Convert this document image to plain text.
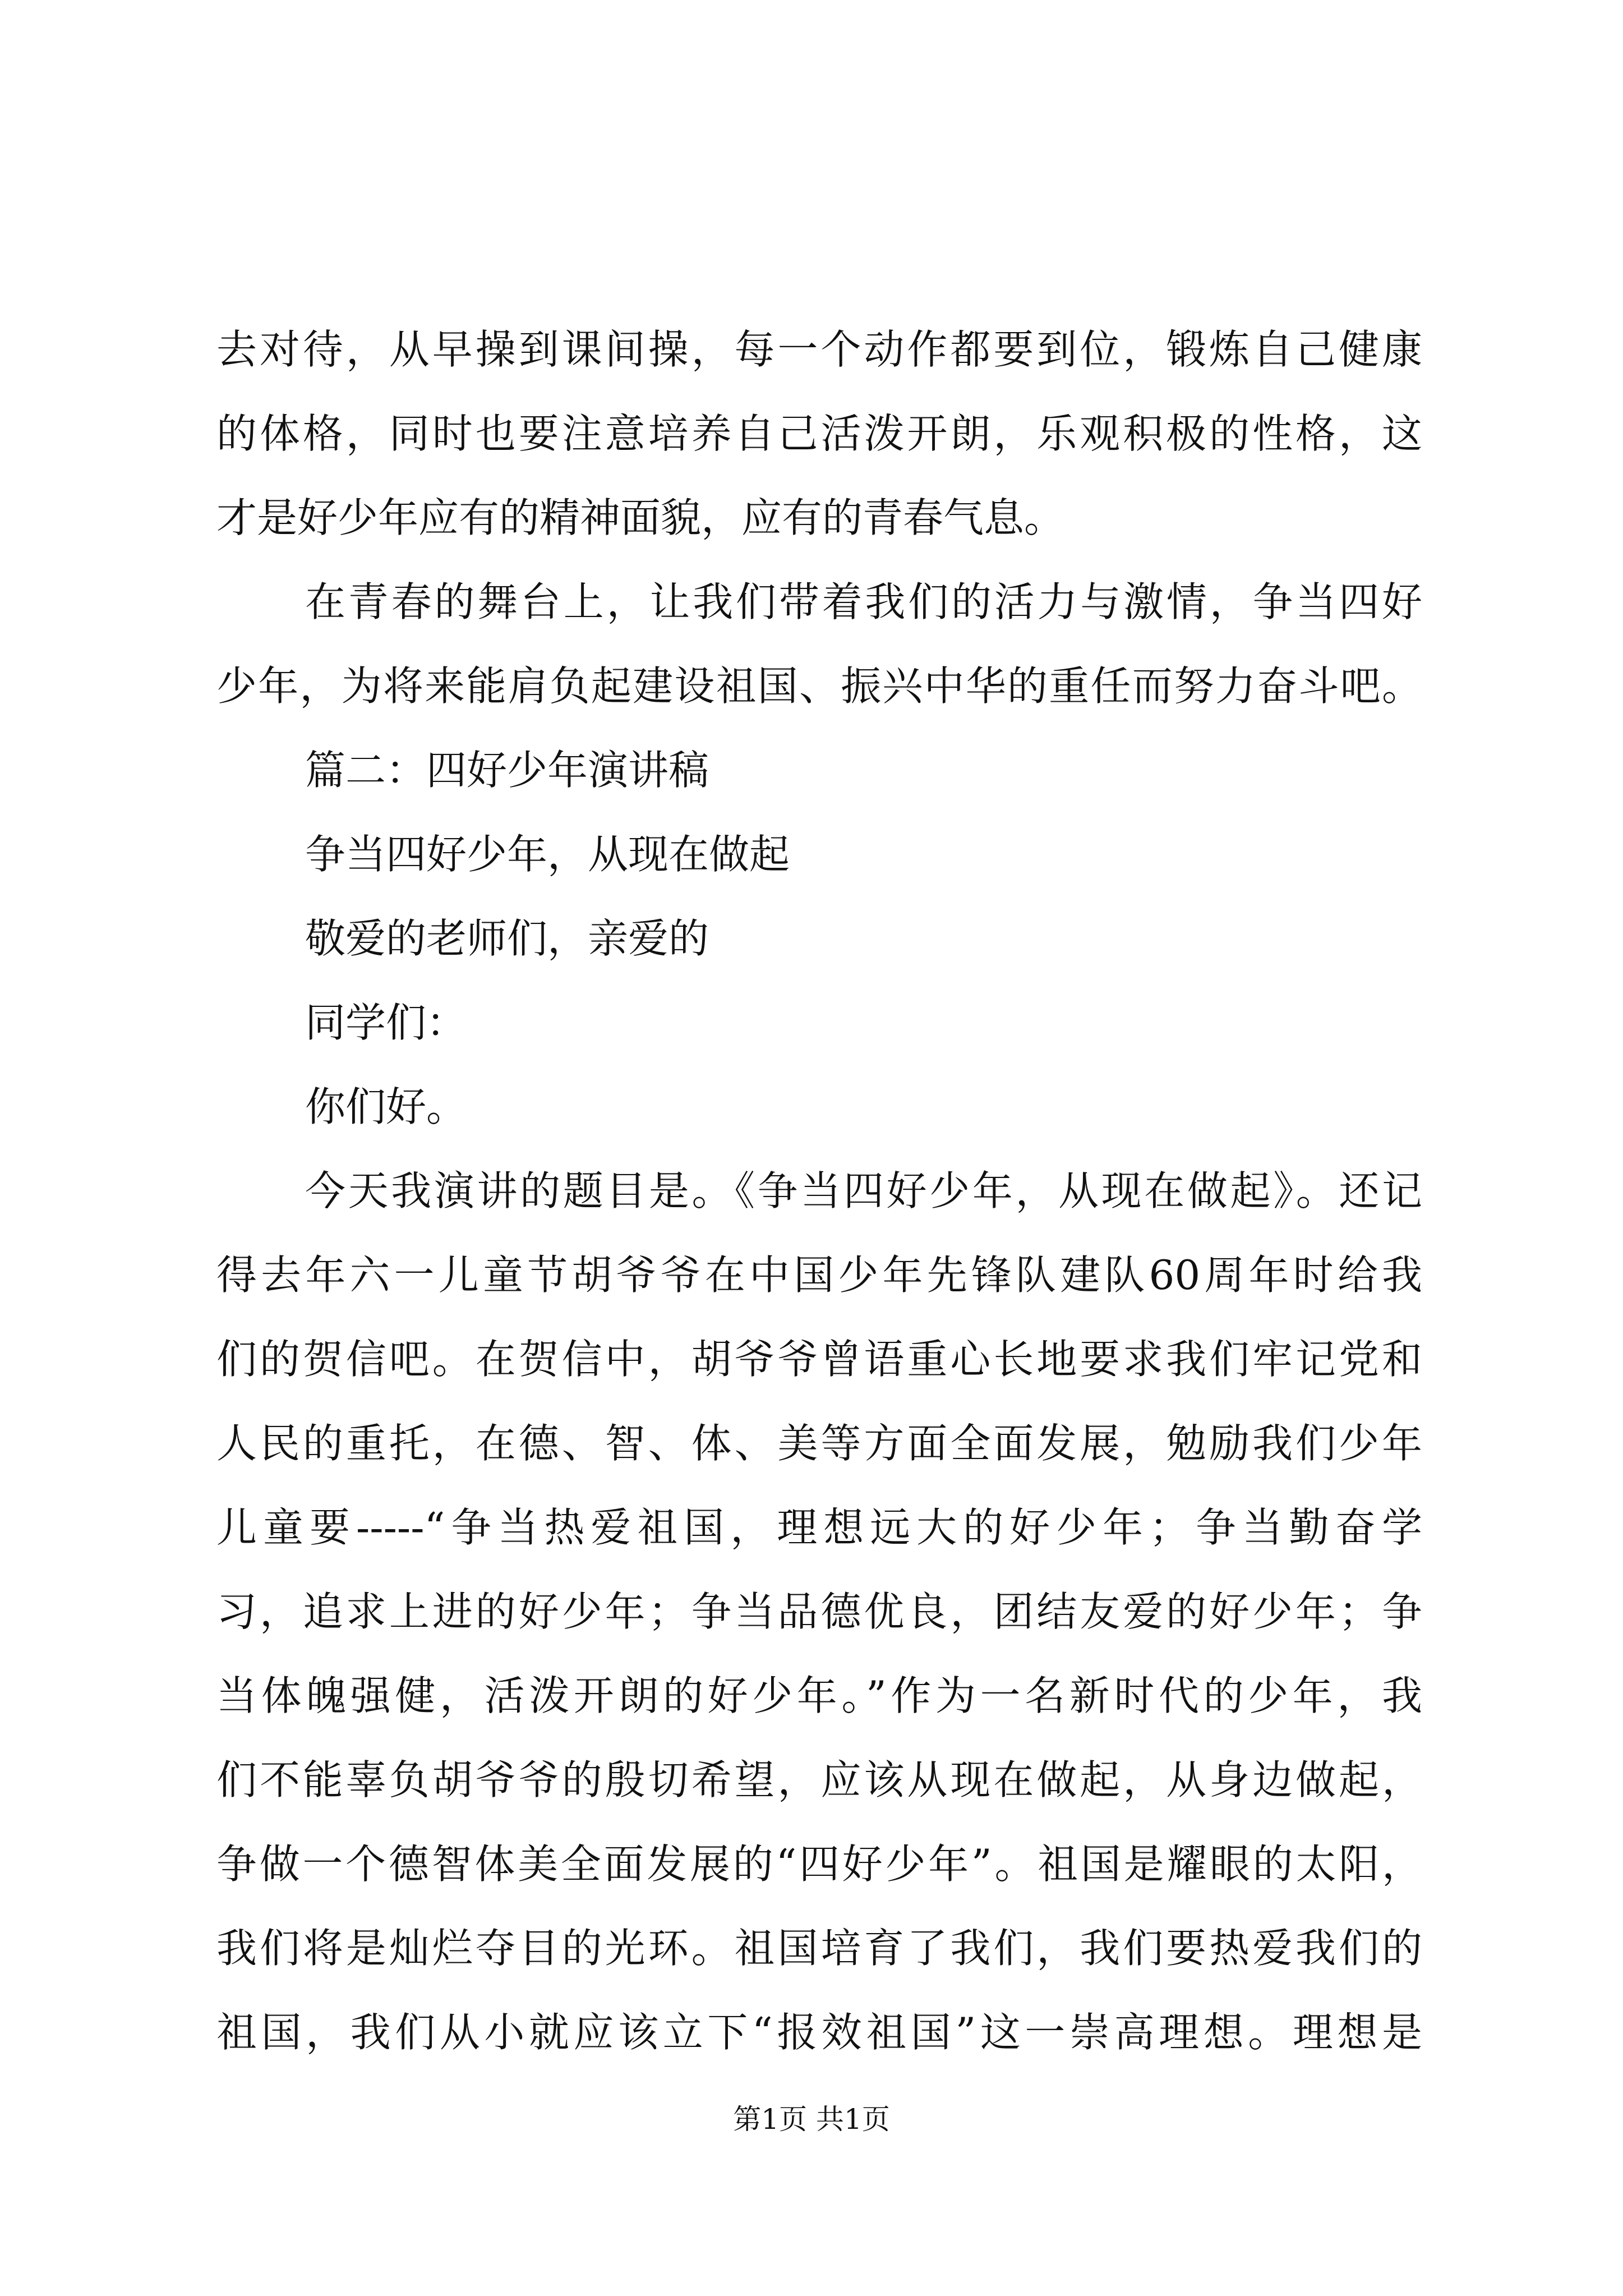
去对待，从早操到课间操，每一个动作都要到位，锻炼自己健康
的体格，同时也要注意培养自己活泼开朗，乐观积极的性格，这
才是好少年应有的精神面貌，应有的青春气息。
在青春的舞台上，让我们带着我们的活力与激情，争当四好
少年，为将来能肩负起建设祖国、振兴中华的重任而努力奋斗吧。
篇二：四好少年演讲稿
争当四好少年，从现在做起
敬爱的老师们，亲爱的
同学们：
你们好。
今天我演讲的题目是。《争当四好少年，从现在做起》。还记
得去年六一儿童节胡爷爷在中国少年先锋队建队60周年时给我
们的贺信吧。在贺信中，胡爷爷曾语重心长地要求我们牢记党和
人民的重托，在德、智、体、美等方面全面发展，勉励我们少年
儿童要-----“争当热爱祖国，理想远大的好少年；争当勤奋学
习，追求上进的好少年；争当品德优良，团结友爱的好少年；争
当体魄强健，活泼开朗的好少年。”作为一名新时代的少年，我
们不能辜负胡爷爷的殷切希望，应该从现在做起，从身边做起，
争做一个德智体美全面发展的“四好少年”。祖国是耀眼的太阳，
我们将是灿烂夺目的光环。祖国培育了我们，我们要热爱我们的
祖国，我们从小就应该立下“报效祖国”这一崇高理想。理想是
第1页 共1页
